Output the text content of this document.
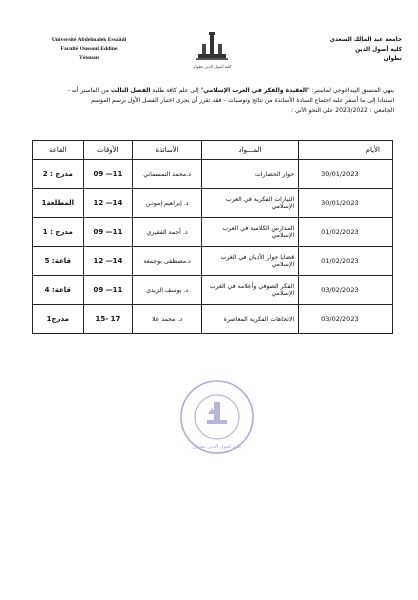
Université Abdelmalek Essaâdi
Faculté Oussoul Eddine
Tétouan
كلية أصول الدين تطوان
جامعة عبد المالك السعدي
كلية أصول الدين
تطوان
ينهي المنسق البيداغوجي لماستر: "العقيدة والفكر في الغرب الإسلامي" إلى علم كافة طلبة الفصل الثالث من الماستر أنه -
استنادا إلى ما أسفر عليه اجتماع السادة الأساتذة من نتائج وتوصيات – فقد تقرر أن يجرى اختبار الفصل الأول برسم الموسم
الجامعي : 2023/2022 على النحو الآتي :
الأيام	المـــواد	الأساتذة	الأوقات	القاعة
30/01/2023	حوار الحضارات	د.محمد التمسماني	09 —11	مدرج : 2
30/01/2023	التيارات الفكرية في الغرب الإسلامي	د. إبراهيم إموتـن	12 —14	المطلعة1
01/02/2023	المدارس الكلامية في الغرب الإسلامي	د. أحمد الفقيري	09 —11	مدرج : 1
01/02/2023	قضايا حوار الأديان في الغرب الإسلامي	د.مصطفى بوجمعة	12 —14	قاعة: 5
03/02/2023	الفكر الصوفي وأعلامه في الغرب الإسلامي	د. يوسف الزيدي	09 —11	قاعة: 4
03/02/2023	الاتجاهات الفكرية المعاصرة	د. محمد علا	15- 17	مدرج1
كلية أصول الدين تطوان
